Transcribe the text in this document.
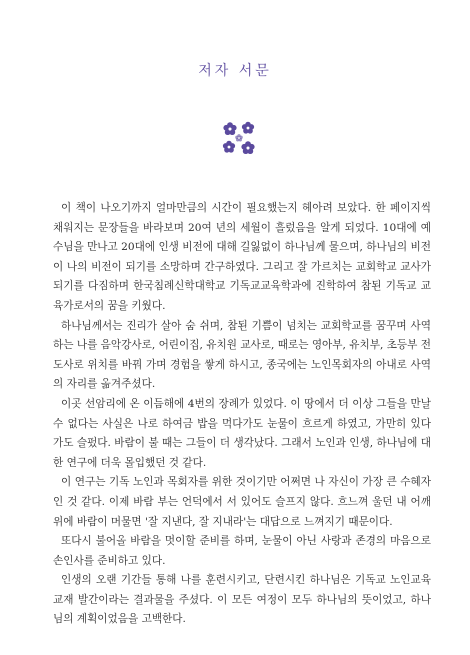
저자 서문

이 책이 나오기까지 얼마만큼의 시간이 필요했는지 헤아려 보았다. 한 페이지씩 채워지는 문장들을 바라보며 20여 년의 세월이 흘렀음을 알게 되었다. 10대에 예수님을 만나고 20대에 인생 비전에 대해 길잃없이 하나님께 물으며, 하나님의 비전이 나의 비전이 되기를 소망하며 간구하였다. 그리고 잘 가르치는 교회학교 교사가 되기를 다짐하며 한국침례신학대학교 기독교교육학과에 진학하여 참된 기독교 교육가로서의 꿈을 키웠다.

하나님께서는 진리가 살아 숨 쉬며, 참된 기쁨이 넘치는 교회학교를 꿈꾸며 사역하는 나를 음악강사로, 어린이집, 유치원 교사로, 때로는 영아부, 유치부, 초등부 전도사로 위치를 바꿔 가며 경험을 쌓게 하시고, 종국에는 노인목회자의 아내로 사역의 자리를 옮겨주셨다.

이곳 선암리에 온 이듬해에 4번의 장례가 있었다. 이 땅에서 더 이상 그들을 만날 수 없다는 사실은 나로 하여금 밥을 먹다가도 눈물이 흐르게 하였고, 가만히 있다가도 슬펐다. 바람이 불 때는 그들이 더 생각났다. 그래서 노인과 인생, 하나님에 대한 연구에 더욱 몰입했던 것 같다.

이 연구는 기독 노인과 목회자를 위한 것이기만 어쩌면 나 자신이 가장 큰 수혜자인 것 같다. 이제 바람 부는 언덕에서 서 있어도 슬프지 않다. 흐느껴 울던 내 어깨 위에 바람이 머물면 '잘 지낸다, 잘 지내라'는 대답으로 느껴지기 때문이다.

또다시 불어올 바람을 멋이할 준비를 하며, 눈물이 아닌 사랑과 존경의 마음으로 손인사를 준비하고 있다.

인생의 오랜 기간들 통해 나를 훈련시키고, 단련시킨 하나님은 기독교 노인교육 교재 발간이라는 결과물을 주셨다. 이 모든 여정이 모두 하나님의 뜻이었고, 하나님의 계획이었음을 고백한다.
